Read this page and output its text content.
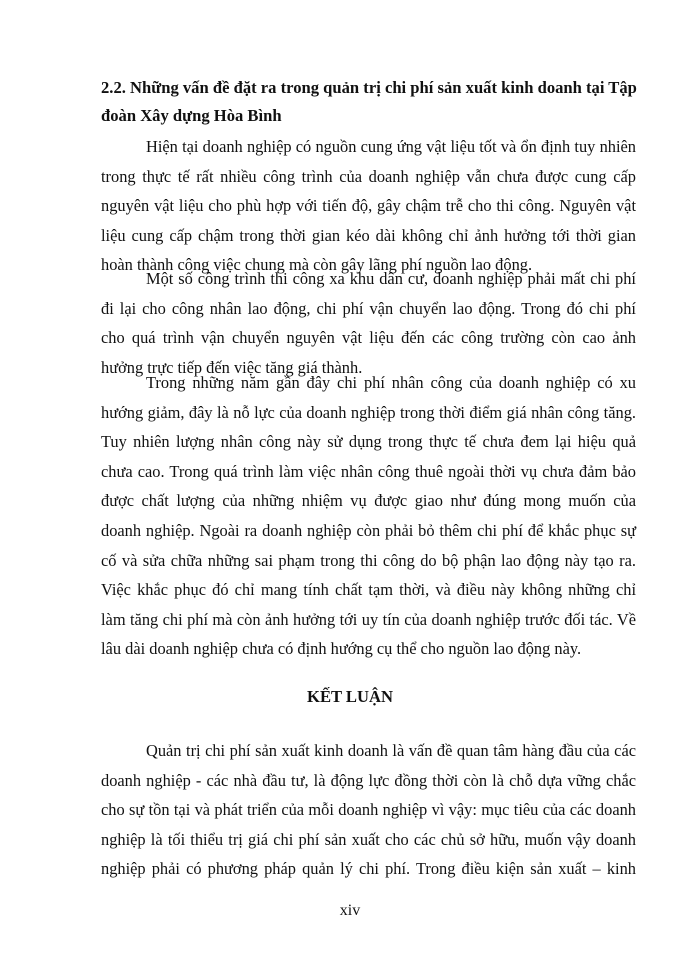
2.2. Những vấn đề đặt ra trong quản trị chi phí sản xuất kinh doanh tại Tập
đoàn Xây dựng Hòa Bình
Hiện tại doanh nghiệp có nguồn cung ứng vật liệu tốt và ổn định tuy nhiên
trong thực tế rất nhiều công trình của doanh nghiệp vẫn chưa được cung cấp
nguyên vật liệu cho phù hợp với tiến độ, gây chậm trễ cho thi công. Nguyên vật
liệu cung cấp chậm trong thời gian kéo dài không chỉ ảnh hưởng tới thời gian
hoàn thành công việc chung mà còn gây lãng phí nguồn lao động.
Một số công trình thi công xa khu dân cư, doanh nghiệp phải mất chi phí
đi lại cho công nhân lao động, chi phí vận chuyển lao động. Trong đó chi phí
cho quá trình vận chuyển nguyên vật liệu đến các công trường còn cao ảnh
hưởng trực tiếp đến việc tăng giá thành.
Trong những năm gần đây chi phí nhân công của doanh nghiệp có xu
hướng giảm, đây là nỗ lực của doanh nghiệp trong thời điểm giá nhân công tăng.
Tuy nhiên lượng nhân công này sử dụng trong thực tế chưa đem lại hiệu quả
chưa cao. Trong quá trình làm việc nhân công thuê ngoài thời vụ chưa đảm bảo
được chất lượng của những nhiệm vụ được giao như đúng mong muốn của
doanh nghiệp. Ngoài ra doanh nghiệp còn phải bỏ thêm chi phí để khắc phục sự
cố và sửa chữa những sai phạm trong thi công do bộ phận lao động này tạo ra.
Việc khắc phục đó chỉ mang tính chất tạm thời, và điều này không những chỉ
làm tăng chi phí mà còn ảnh hưởng tới uy tín của doanh nghiệp trước đối tác. Về
lâu dài doanh nghiệp chưa có định hướng cụ thể cho nguồn lao động này.

KẾT LUẬN

Quản trị chi phí sản xuất kinh doanh là vấn đề quan tâm hàng đầu của các
doanh nghiệp - các nhà đầu tư, là động lực đồng thời còn là chỗ dựa vững chắc
cho sự tồn tại và phát triển của mỗi doanh nghiệp vì vậy: mục tiêu của các doanh
nghiệp là tối thiểu trị giá chi phí sản xuất cho các chủ sở hữu, muốn vậy doanh
nghiệp phải có phương pháp quản lý chi phí. Trong điều kiện sản xuất – kinh
xiv
